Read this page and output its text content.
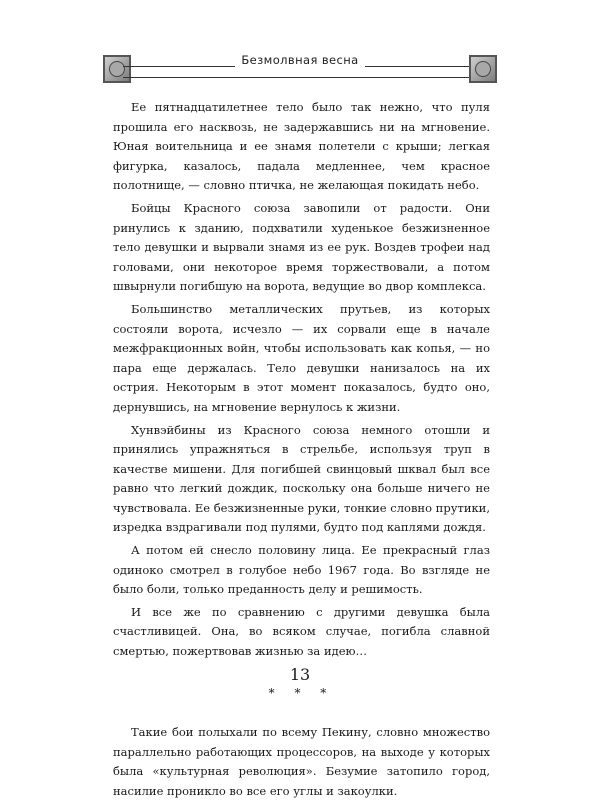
Безмолвная весна

Ее пятнадцатилетнее тело было так нежно, что пуля прошила его насквозь, не задержавшись ни на мгновение. Юная воительница и ее знамя полетели с крыши; легкая фигурка, казалось, падала медленнее, чем красное полотнище, — словно птичка, не желающая покидать небо.

Бойцы Красного союза завопили от радости. Они ринулись к зданию, подхватили худенькое безжизненное тело девушки и вырвали знамя из ее рук. Воздев трофеи над головами, они некоторое время торжествовали, а потом швырнули погибшую на ворота, ведущие во двор комплекса.

Большинство металлических прутьев, из которых состояли ворота, исчезло — их сорвали еще в начале межфракционных войн, чтобы использовать как копья, — но пара еще держалась. Тело девушки нанизалось на их острия. Некоторым в этот момент показалось, будто оно, дернувшись, на мгновение вернулось к жизни.

Хунвэйбины из Красного союза немного отошли и принялись упражняться в стрельбе, используя труп в качестве мишени. Для погибшей свинцовый шквал был все равно что легкий дождик, поскольку она больше ничего не чувствовала. Ее безжизненные руки, тонкие словно прутики, изредка вздрагивали под пулями, будто под каплями дождя.

А потом ей снесло половину лица. Ее прекрасный глаз одиноко смотрел в голубое небо 1967 года. Во взгляде не было боли, только преданность делу и решимость.

И все же по сравнению с другими девушка была счастливицей. Она, во всяком случае, погибла славной смертью, пожертвовав жизнью за идею…

* * *

Такие бои полыхали по всему Пекину, словно множество параллельно работающих процессоров, на выходе у которых была «культурная революция». Безумие затопило город, насилие проникло во все его углы и закоулки.

13
